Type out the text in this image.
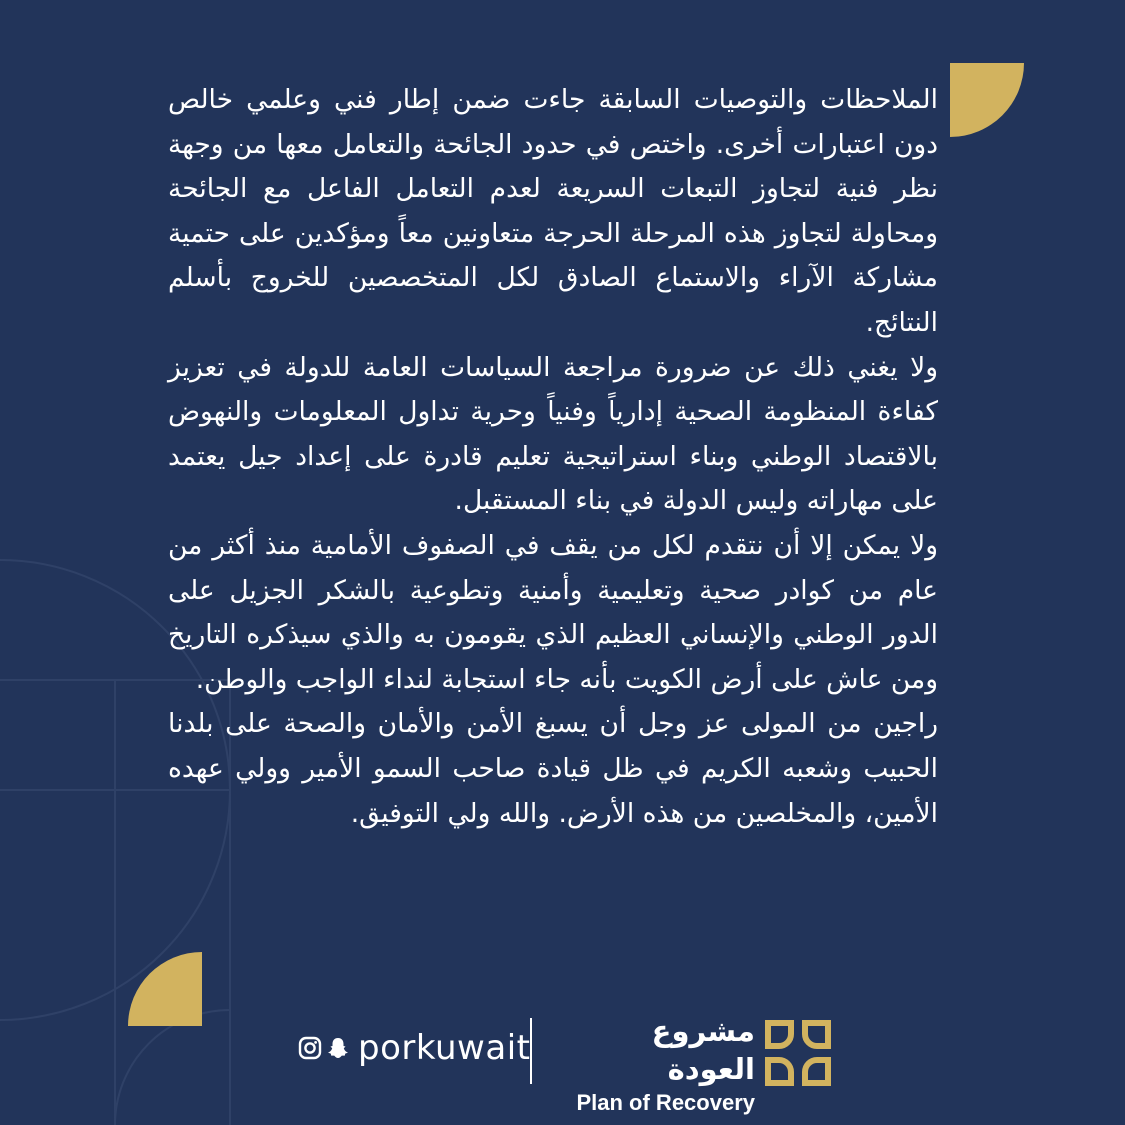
الملاحظات والتوصيات السابقة جاءت ضمن إطار فني وعلمي خالص دون اعتبارات أخرى. واختص في حدود الجائحة والتعامل معها من وجهة نظر فنية لتجاوز التبعات السريعة لعدم التعامل الفاعل مع الجائحة ومحاولة لتجاوز هذه المرحلة الحرجة متعاونين معاً ومؤكدين على حتمية مشاركة الآراء والاستماع الصادق لكل المتخصصين للخروج بأسلم النتائج.

ولا يغني ذلك عن ضرورة مراجعة السياسات العامة للدولة في تعزيز كفاءة المنظومة الصحية إدارياً وفنياً وحرية تداول المعلومات والنهوض بالاقتصاد الوطني وبناء استراتيجية تعليم قادرة على إعداد جيل يعتمد على مهاراته وليس الدولة في بناء المستقبل.

ولا يمكن إلا أن نتقدم لكل من يقف في الصفوف الأمامية منذ أكثر من عام من كوادر صحية وتعليمية وأمنية وتطوعية بالشكر الجزيل على الدور الوطني والإنساني العظيم الذي يقومون به والذي سيذكره التاريخ ومن عاش على أرض الكويت بأنه جاء استجابة لنداء الواجب والوطن.

راجين من المولى عز وجل أن يسبغ الأمن والأمان والصحة على بلدنا الحبيب وشعبه الكريم في ظل قيادة صاحب السمو الأمير وولي عهده الأمين، والمخلصين من هذه الأرض. والله ولي التوفيق.

porkuwait	مشروع العودة
Plan of Recovery
